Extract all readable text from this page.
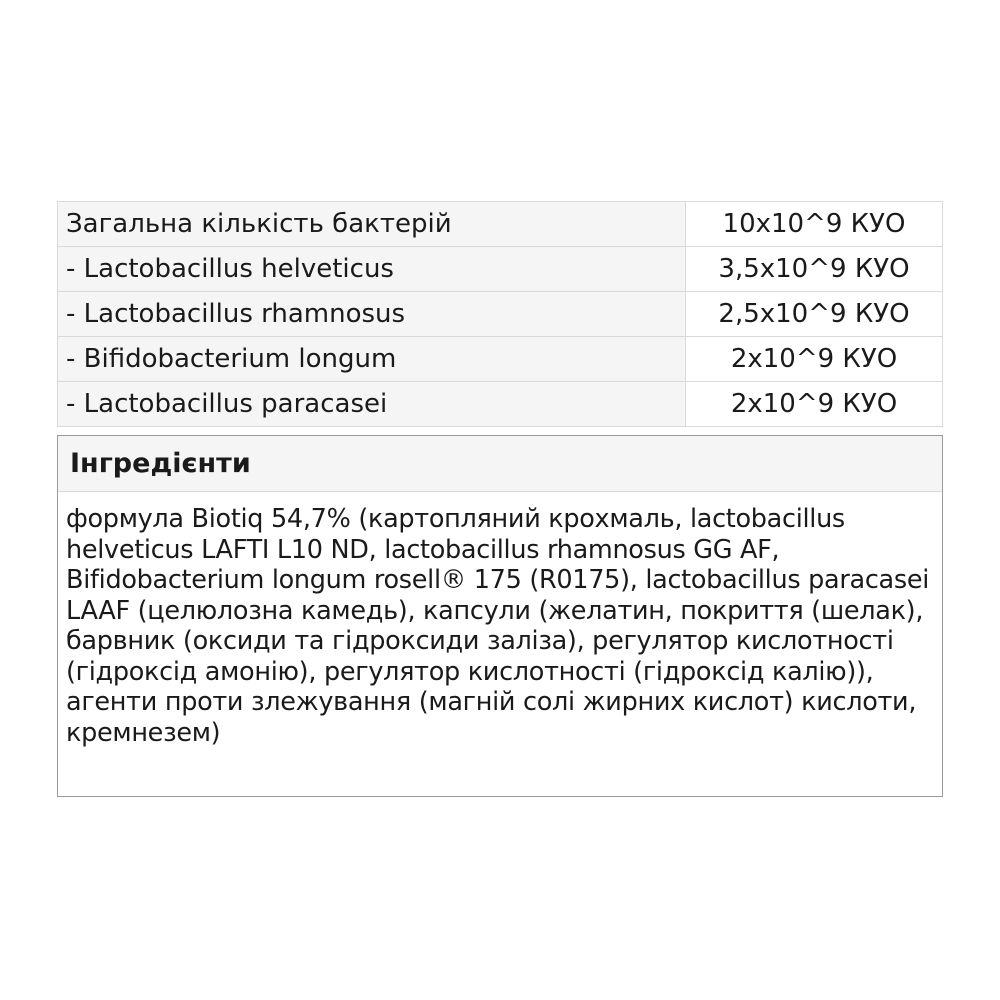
Загальна кількість бактерій	10x10^9 КУО
- Lactobacillus helveticus	3,5x10^9 КУО
- Lactobacillus rhamnosus	2,5x10^9 КУО
- Bifidobacterium longum	2x10^9 КУО
- Lactobacillus paracasei	2x10^9 КУО
Інгредієнти
формула Biotiq 54,7% (картопляний крохмаль, lactobacillus helveticus LAFTI L10 ND, lactobacillus rhamnosus GG AF, Bifidobacterium longum rosell® 175 (R0175), lactobacillus paracasei LAAF (целюлозна камедь), капсули (желатин, покриття (шелак), барвник (оксиди та гідроксиди заліза), регулятор кислотності (гідроксід амонію), регулятор кислотності (гідроксід калію)), агенти проти злежування (магній солі жирних кислот) кислоти, кремнезем)
